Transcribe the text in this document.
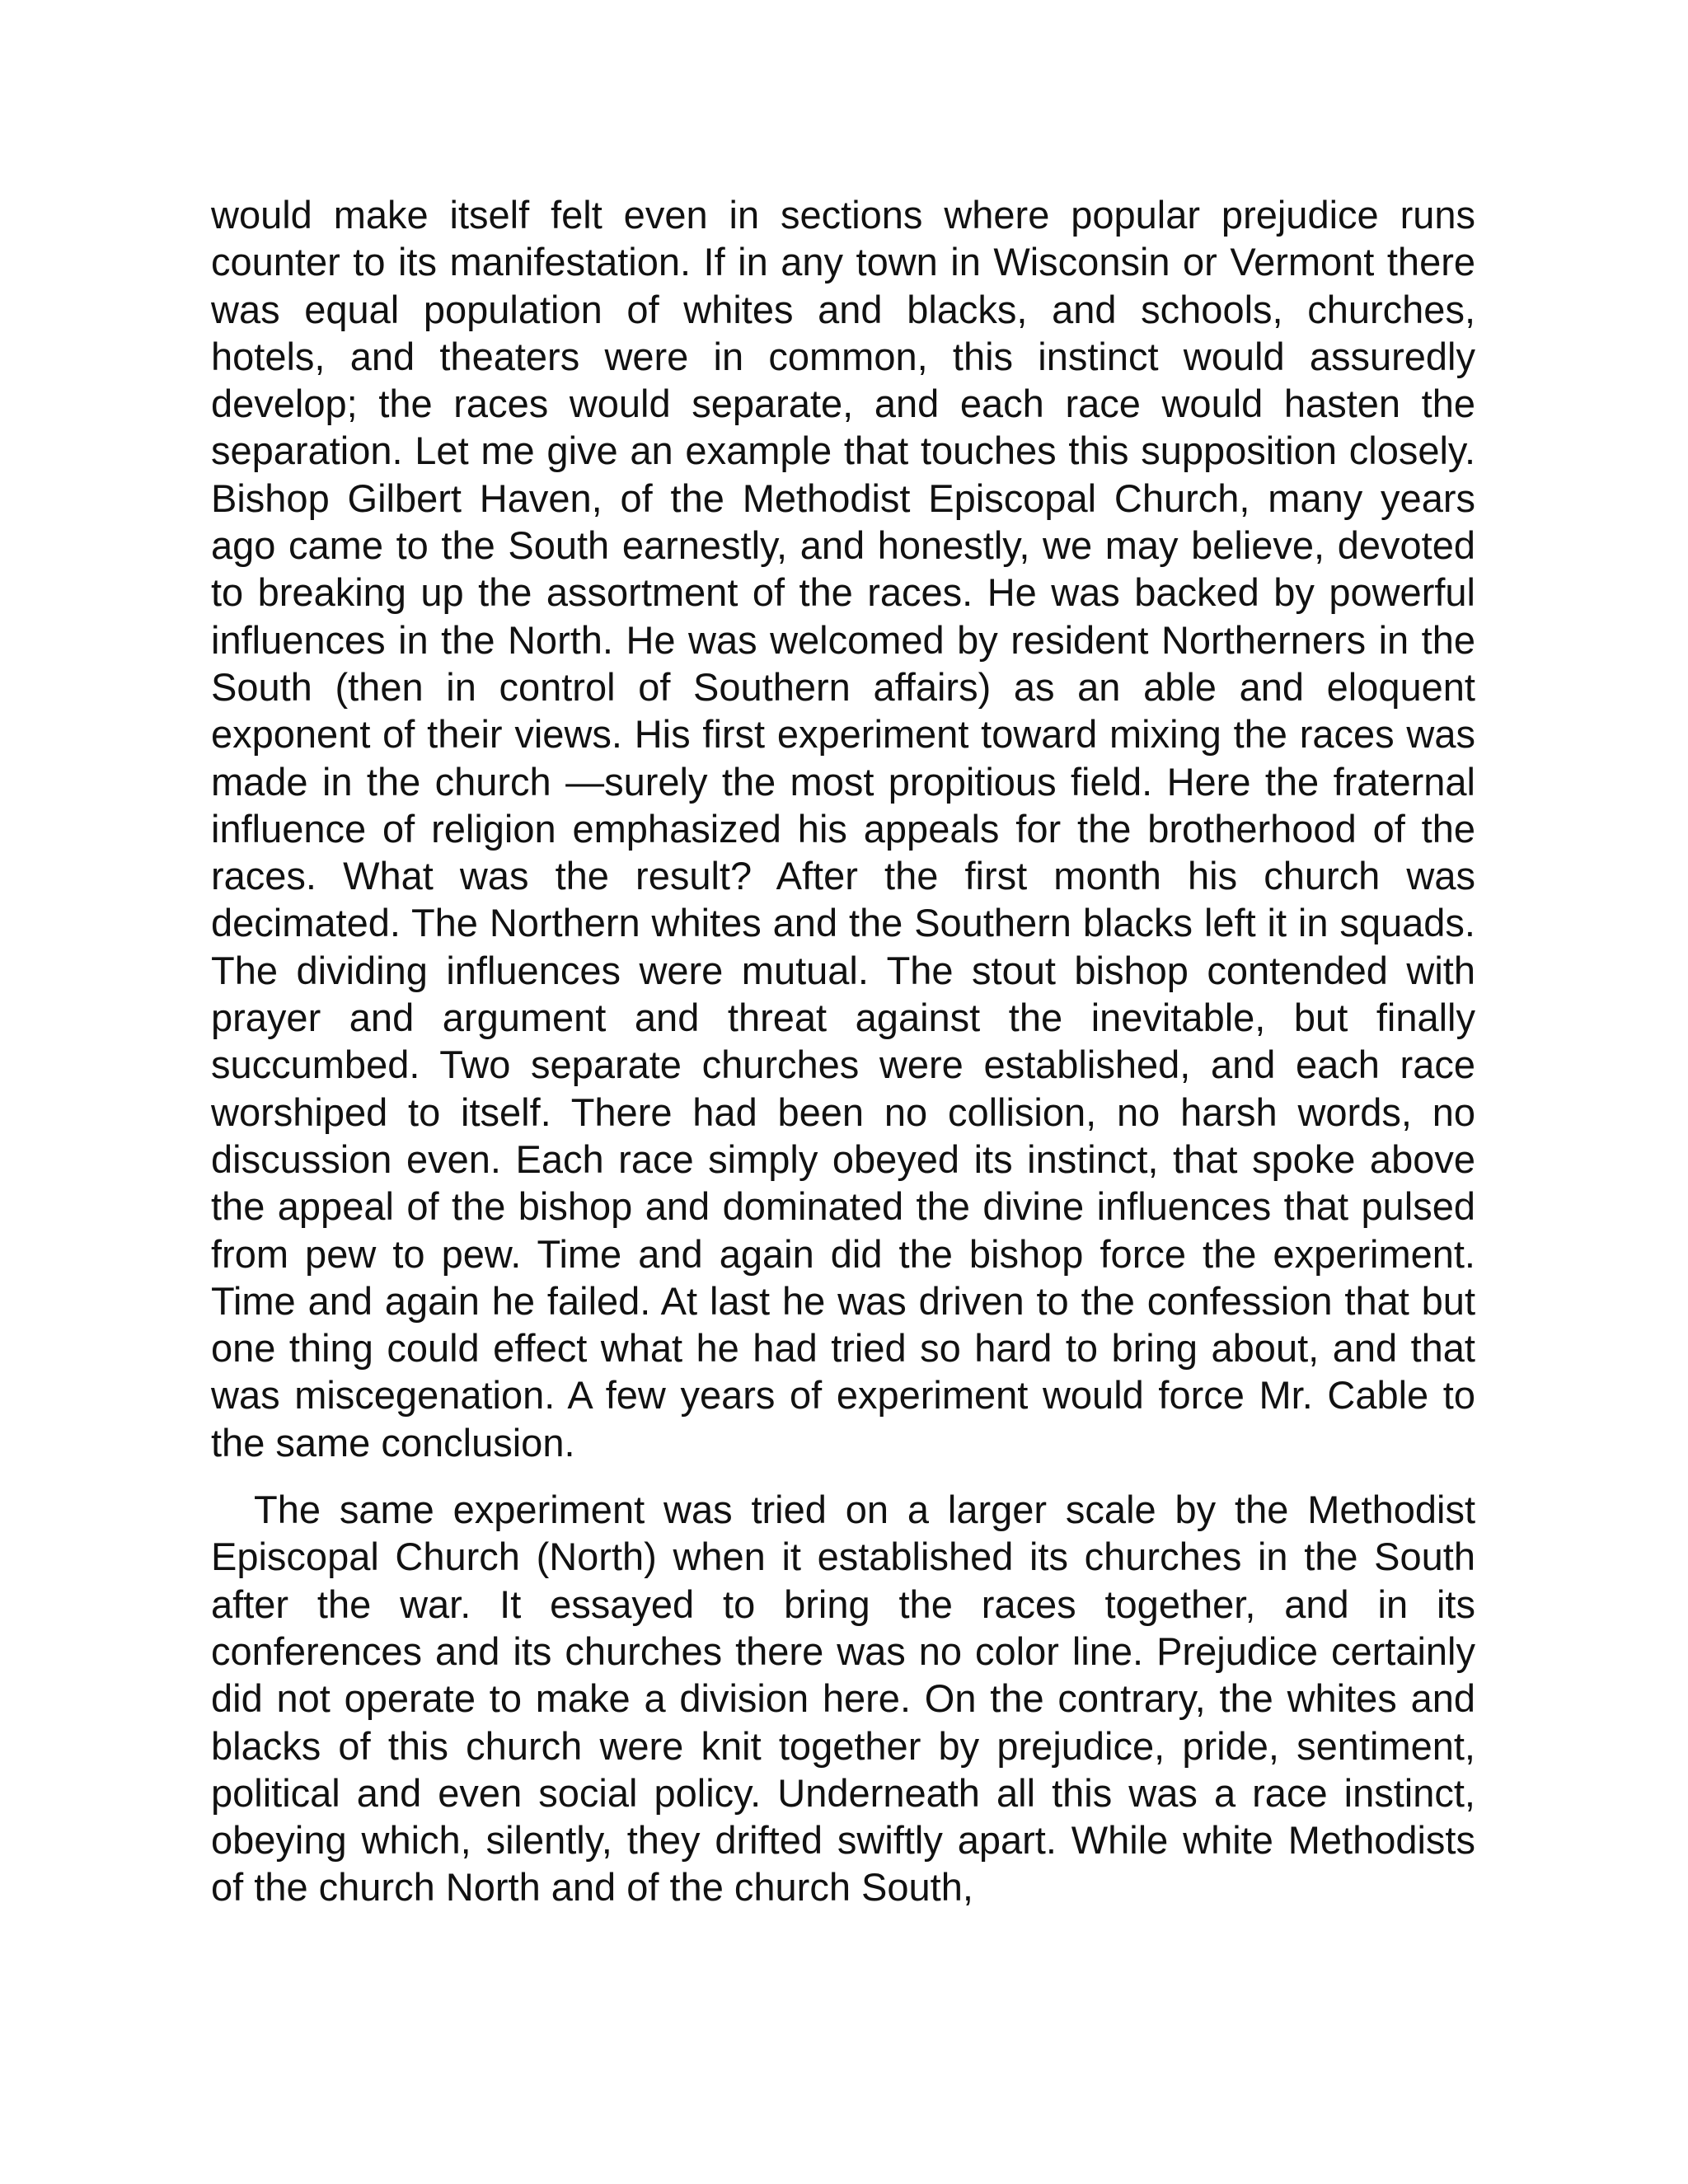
would make itself felt even in sections where popular prejudice runs counter to its manifestation. If in any town in Wisconsin or Vermont there was equal population of whites and blacks, and schools, churches, hotels, and theaters were in common, this instinct would assuredly develop; the races would separate, and each race would hasten the separation. Let me give an example that touches this supposition closely. Bishop Gilbert Haven, of the Methodist Episcopal Church, many years ago came to the South earnestly, and honestly, we may believe, devoted to breaking up the assortment of the races. He was backed by powerful influences in the North. He was welcomed by resident Northerners in the South (then in control of Southern affairs) as an able and eloquent exponent of their views. His first experiment toward mixing the races was made in the church —surely the most propitious field. Here the fraternal influence of religion emphasized his appeals for the brotherhood of the races. What was the result? After the first month his church was decimated. The Northern whites and the Southern blacks left it in squads. The dividing influences were mutual. The stout bishop contended with prayer and argument and threat against the inevitable, but finally succumbed. Two separate churches were established, and each race worshiped to itself. There had been no collision, no harsh words, no discussion even. Each race simply obeyed its instinct, that spoke above the appeal of the bishop and dominated the divine influences that pulsed from pew to pew. Time and again did the bishop force the experiment. Time and again he failed. At last he was driven to the confession that but one thing could effect what he had tried so hard to bring about, and that was miscegenation. A few years of experiment would force Mr. Cable to the same conclusion.

The same experiment was tried on a larger scale by the Methodist Episcopal Church (North) when it established its churches in the South after the war. It essayed to bring the races together, and in its conferences and its churches there was no color line. Prejudice certainly did not operate to make a division here. On the contrary, the whites and blacks of this church were knit together by prejudice, pride, sentiment, political and even social policy. Underneath all this was a race instinct, obeying which, silently, they drifted swiftly apart. While white Methodists of the church North and of the church South,
